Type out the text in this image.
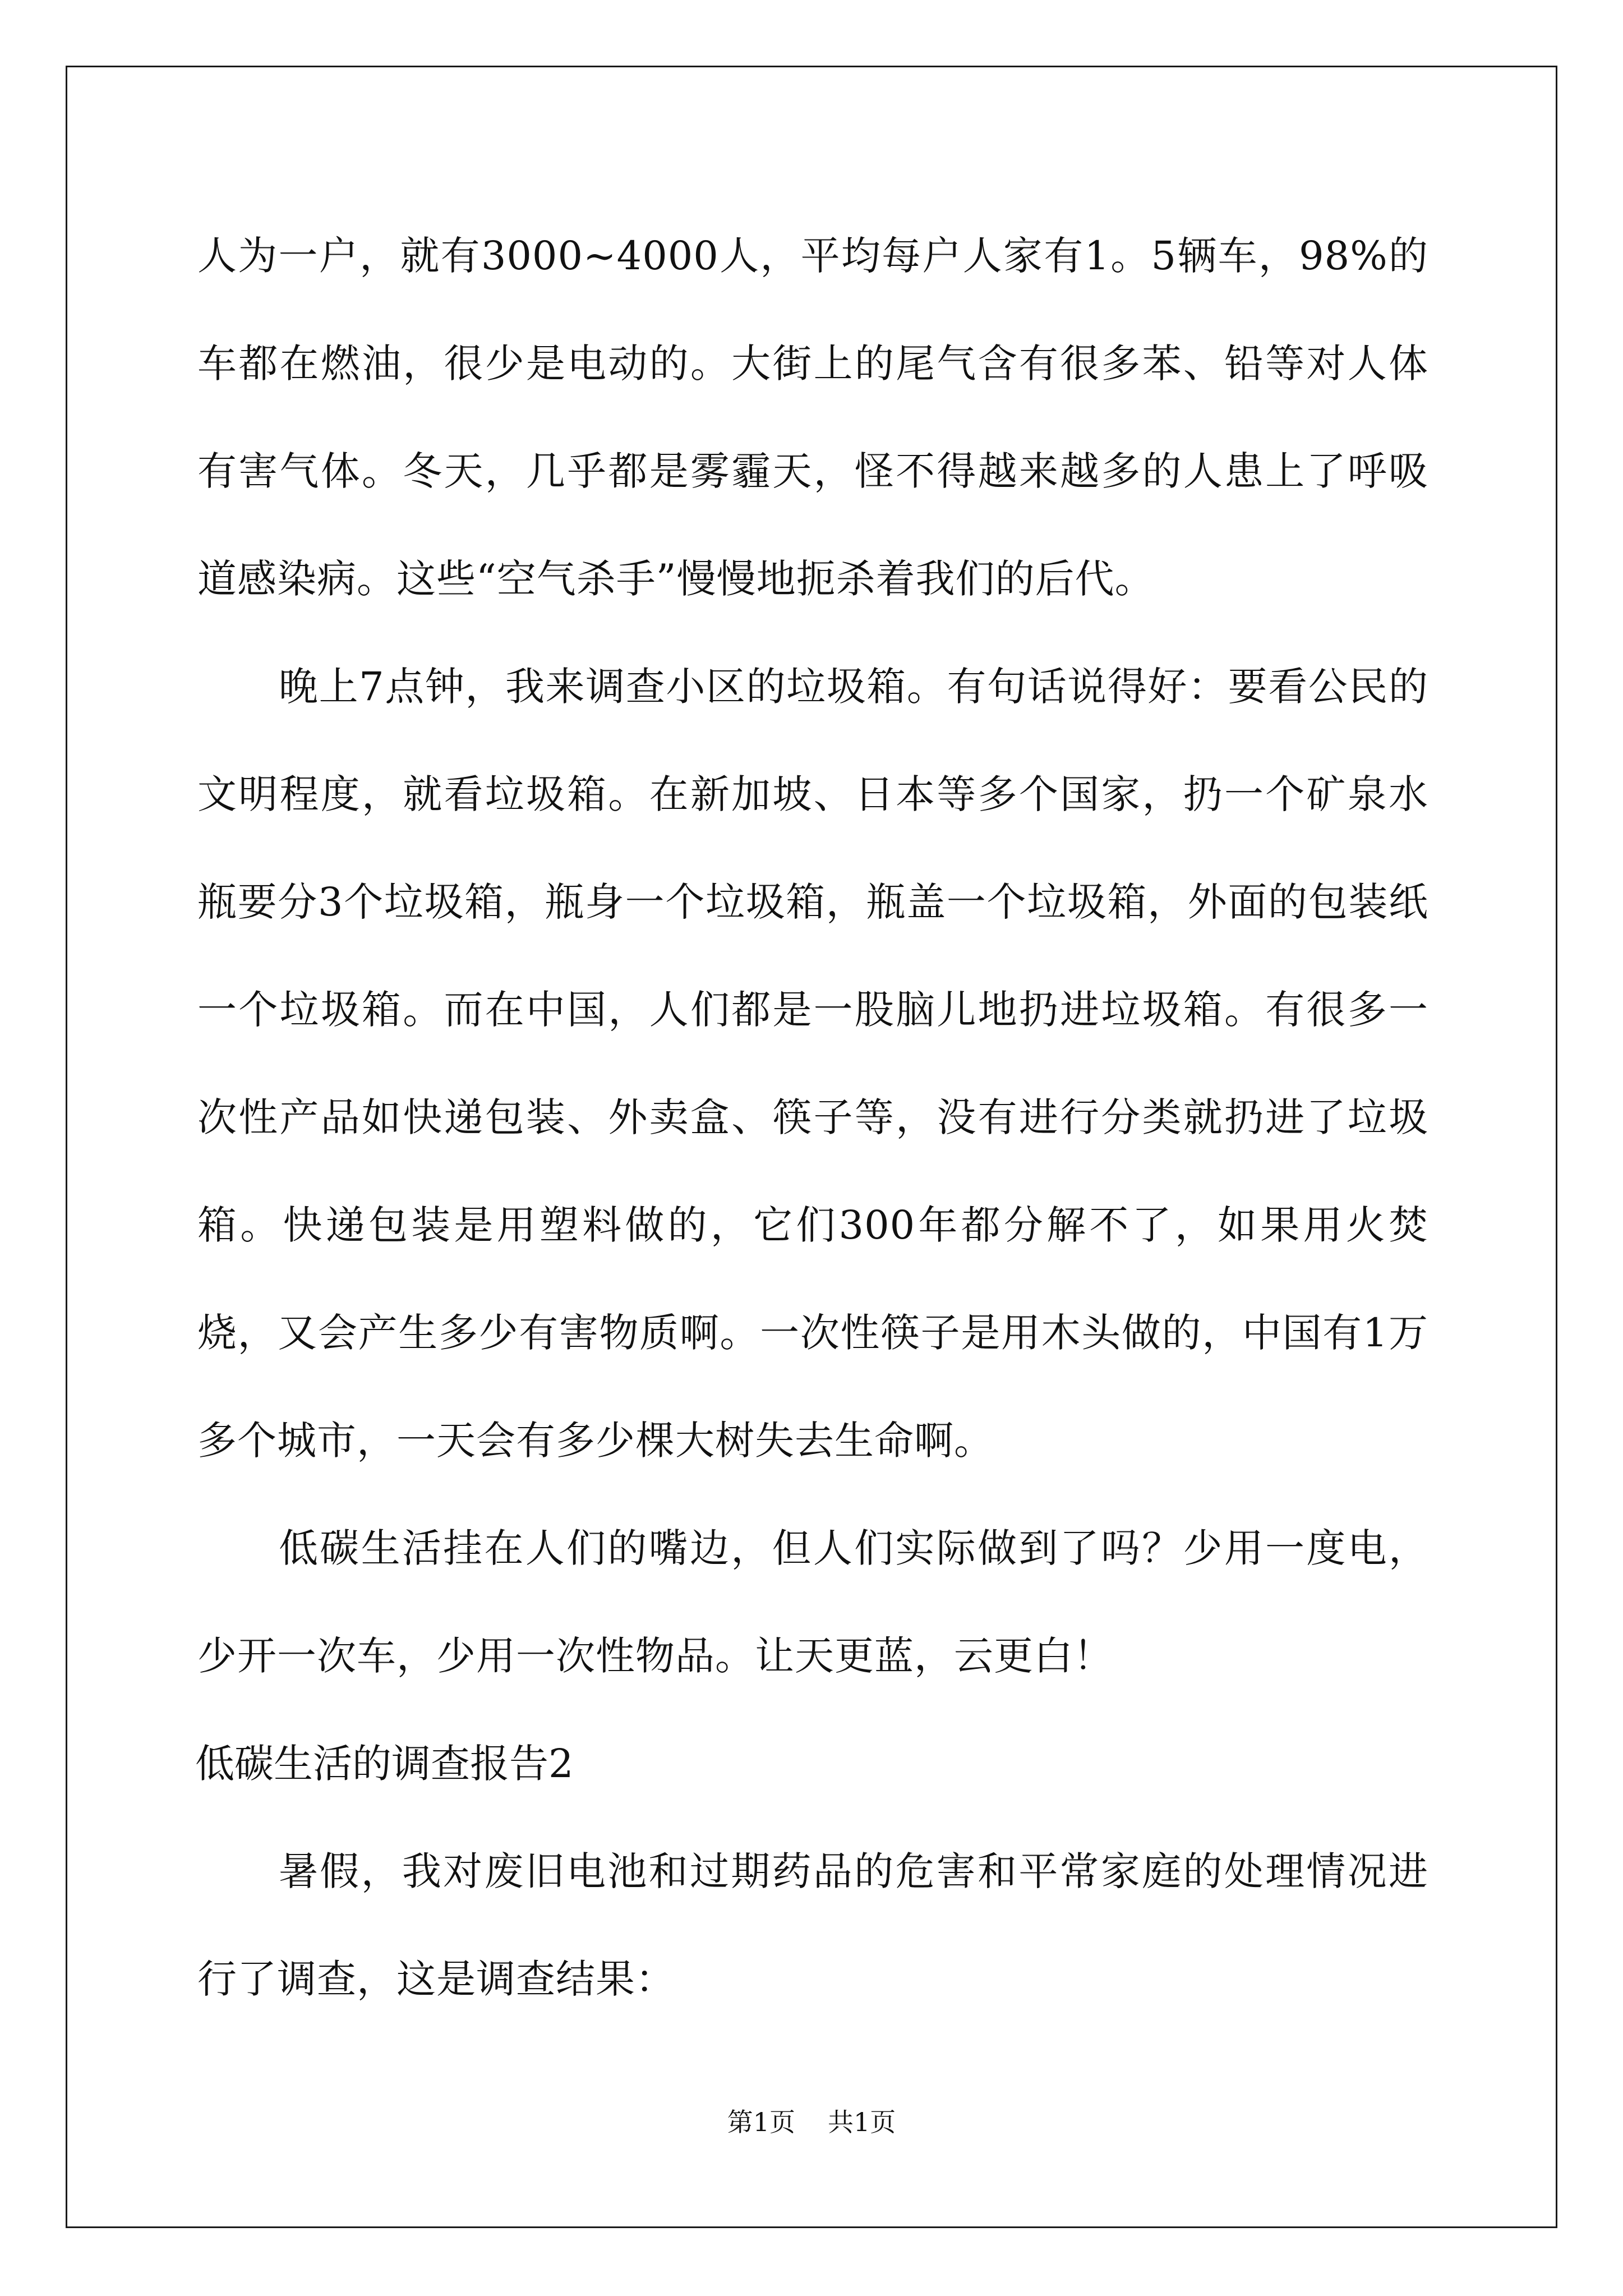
人为一户，就有3000~4000人，平均每户人家有1。5辆车，98%的车都在燃油，很少是电动的。大街上的尾气含有很多苯、铅等对人体有害气体。冬天，几乎都是雾霾天，怪不得越来越多的人患上了呼吸道感染病。这些“空气杀手”慢慢地扼杀着我们的后代。

晚上7点钟，我来调查小区的垃圾箱。有句话说得好：要看公民的文明程度，就看垃圾箱。在新加坡、日本等多个国家，扔一个矿泉水瓶要分3个垃圾箱，瓶身一个垃圾箱，瓶盖一个垃圾箱，外面的包装纸一个垃圾箱。而在中国，人们都是一股脑儿地扔进垃圾箱。有很多一次性产品如快递包装、外卖盒、筷子等，没有进行分类就扔进了垃圾箱。快递包装是用塑料做的，它们300年都分解不了，如果用火焚烧，又会产生多少有害物质啊。一次性筷子是用木头做的，中国有1万多个城市，一天会有多少棵大树失去生命啊。

低碳生活挂在人们的嘴边，但人们实际做到了吗？少用一度电，少开一次车，少用一次性物品。让天更蓝，云更白！

低碳生活的调查报告2

暑假，我对废旧电池和过期药品的危害和平常家庭的处理情况进行了调查，这是调查结果：

第1页 共1页
